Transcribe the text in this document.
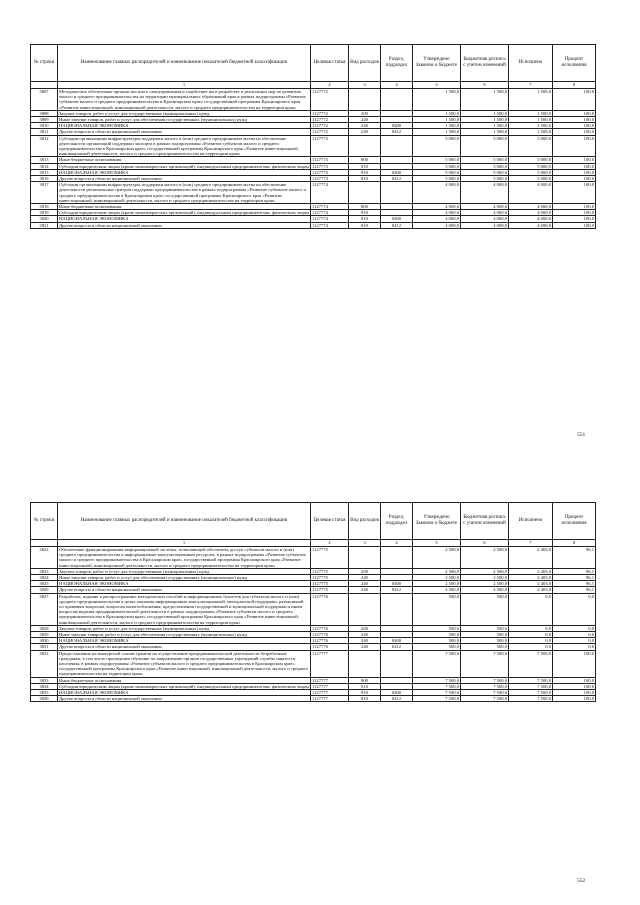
№ строки	Наименование главных распорядителей и наименование показателей бюджетной классификации	Целевая статья	Вид расходов	Раздел, подраздел	Утверждено Законом о бюджете	Бюджетная роспись с учетом изменений	Исполнено	Процент исполнения
	1	2	3	4	5	6	7	8
3807	Методическое обеспечение органов местного самоуправления и содействие им в разработке и реализации мер по развитию малого и среднего предпринимательства на территории муниципальных образований края в рамках подпрограммы «Развитие субъектов малого и среднего предпринимательства в Красноярском крае» государственной программы Красноярского края «Развитие инвестиционной, инновационной деятельности, малого и среднего предпринимательства на территории края»	1127772			1 500,0	1 500,0	1 500,0	100,0
3808	Закупка товаров, работ и услуг для государственных (муниципальных) нужд	1127772	200		1 500,0	1 500,0	1 500,0	100,0
3809	Иные закупки товаров, работ и услуг для обеспечения государственных (муниципальных) нужд	1127772	240		1 500,0	1 500,0	1 500,0	100,0
3810	НАЦИОНАЛЬНАЯ ЭКОНОМИКА	1127772	240	0400	1 500,0	1 500,0	1 500,0	100,0
3811	Другие вопросы в области национальной экономики	1127772	240	0412	1 500,0	1 500,0	1 500,0	100,0
3812	Субсидии организациям инфраструктуры поддержки малого и (или) среднего предпринимательства на обеспечение деятельности организаций поддержки экспорта в рамках подпрограммы «Развитие субъектов малого и среднего предпринимательства в Красноярском крае» государственной программы Красноярского края «Развитие инвестиционной, инновационной деятельности, малого и среднего предпринимательства на территории края»	1127773			5 000,0	5 000,0	5 000,0	100,0
3813	Иные бюджетные ассигнования	1127773	800		5 000,0	5 000,0	5 000,0	100,0
3814	Субсидии юридическим лицам (кроме некоммерческих организаций), индивидуальным предпринимателям, физическим лицам	1127773	810		5 000,0	5 000,0	5 000,0	100,0
3815	НАЦИОНАЛЬНАЯ ЭКОНОМИКА	1127773	810	0400	5 000,0	5 000,0	5 000,0	100,0
3816	Другие вопросы в области национальной экономики	1127773	810	0412	5 000,0	5 000,0	5 000,0	100,0
3817	Субсидии организациям инфраструктуры поддержки малого и (или) среднего предпринимательства на обеспечение деятельности региональных центров поддержки предпринимательства в рамках подпрограммы «Развитие субъектов малого и среднего предпринимательства в Красноярском крае» государственной программы Красноярского края «Развитие инвестиционной, инновационной деятельности, малого и среднего предпринимательства на территории края»	1127774			4 000,0	4 000,0	4 000,0	100,0
3818	Иные бюджетные ассигнования	1127774	800		4 000,0	4 000,0	4 000,0	100,0
3819	Субсидии юридическим лицам (кроме некоммерческих организаций), индивидуальным предпринимателям, физическим лицам	1127774	810		4 000,0	4 000,0	4 000,0	100,0
3820	НАЦИОНАЛЬНАЯ ЭКОНОМИКА	1127774	810	0400	4 000,0	4 000,0	4 000,0	100,0
3821	Другие вопросы в области национальной экономики	1127774	810	0412	4 000,0	4 000,0	4 000,0	100,0
551
№ строки	Наименование главных распорядителей и наименование показателей бюджетной классификации	Целевая статья	Вид расходов	Раздел, подраздел	Утверждено Законом о бюджете	Бюджетная роспись с учетом изменений	Исполнено	Процент исполнения
	1	2	3	4	5	6	7	8
3822	Обеспечение функционирования информационной системы, позволяющей обеспечить доступ субъектов малого и (или) среднего предпринимательства к информационно-консультационным ресурсам, в рамках подпрограммы «Развитие субъектов малого и среднего предпринимательства в Красноярском крае» государственной программы Красноярского края «Развитие инвестиционной, инновационной деятельности, малого и среднего предпринимательства на территории края»	1127775			2 500,0	2 500,0	2 403,0	96,1
3823	Закупка товаров, работ и услуг для государственных (муниципальных) нужд	1127775	200		2 500,0	2 500,0	2 403,0	96,1
3824	Иные закупки товаров, работ и услуг для обеспечения государственных (муниципальных) нужд	1127775	240		2 500,0	2 500,0	2 403,0	96,1
3825	НАЦИОНАЛЬНАЯ ЭКОНОМИКА	1127775	240	0400	2 500,0	2 500,0	2 403,0	96,1
3826	Другие вопросы в области национальной экономики	1127775	240	0412	2 500,0	2 500,0	2 403,0	96,1
3827	Разработка, издание и распространение методических пособий и информационных буклетов для субъектов малого и (или) среднего предпринимательства в целях оказания информационно-консультационной, методической поддержки, разъяснений по правовым вопросам, вопросам налогообложения, предоставления государственной и муниципальной поддержки и иным вопросам ведения предпринимательской деятельности в рамках подпрограммы «Развитие субъектов малого и среднего предпринимательства в Красноярском крае» государственной программы Красноярского края «Развитие инвестиционной, инновационной деятельности, малого и среднего предпринимательства на территории края»	1127776			500,0	500,0	0,0	0,0
3828	Закупка товаров, работ и услуг для государственных (муниципальных) нужд	1127776	200		500,0	500,0	0,0	0,0
3829	Иные закупки товаров, работ и услуг для обеспечения государственных (муниципальных) нужд	1127776	240		500,0	500,0	0,0	0,0
3830	НАЦИОНАЛЬНАЯ ЭКОНОМИКА	1127776	240	0400	500,0	500,0	0,0	0,0
3831	Другие вопросы в области национальной экономики	1127776	240	0412	500,0	500,0	0,0	0,0
3832	Предоставление на конкурсной основе грантов на осуществление предпринимательской деятельности безработным гражданам, в том числе прошедшим обучение по направлению органов государственных учреждений службы занятости населения, в рамках подпрограммы «Развитие субъектов малого и среднего предпринимательства в Красноярском крае» государственной программы Красноярского края «Развитие инвестиционной, инновационной деятельности, малого и среднего предпринимательства на территории края»	1127777			7 500,0	7 500,0	7 500,0	100,0
3833	Иные бюджетные ассигнования	1127777	800		7 500,0	7 500,0	7 500,0	100,0
3834	Субсидии юридическим лицам (кроме некоммерческих организаций), индивидуальным предпринимателям, физическим лицам	1127777	810		7 500,0	7 500,0	7 500,0	100,0
3835	НАЦИОНАЛЬНАЯ ЭКОНОМИКА	1127777	810	0400	7 500,0	7 500,0	7 500,0	100,0
3836	Другие вопросы в области национальной экономики	1127777	810	0412	7 500,0	7 500,0	7 500,0	100,0
552
